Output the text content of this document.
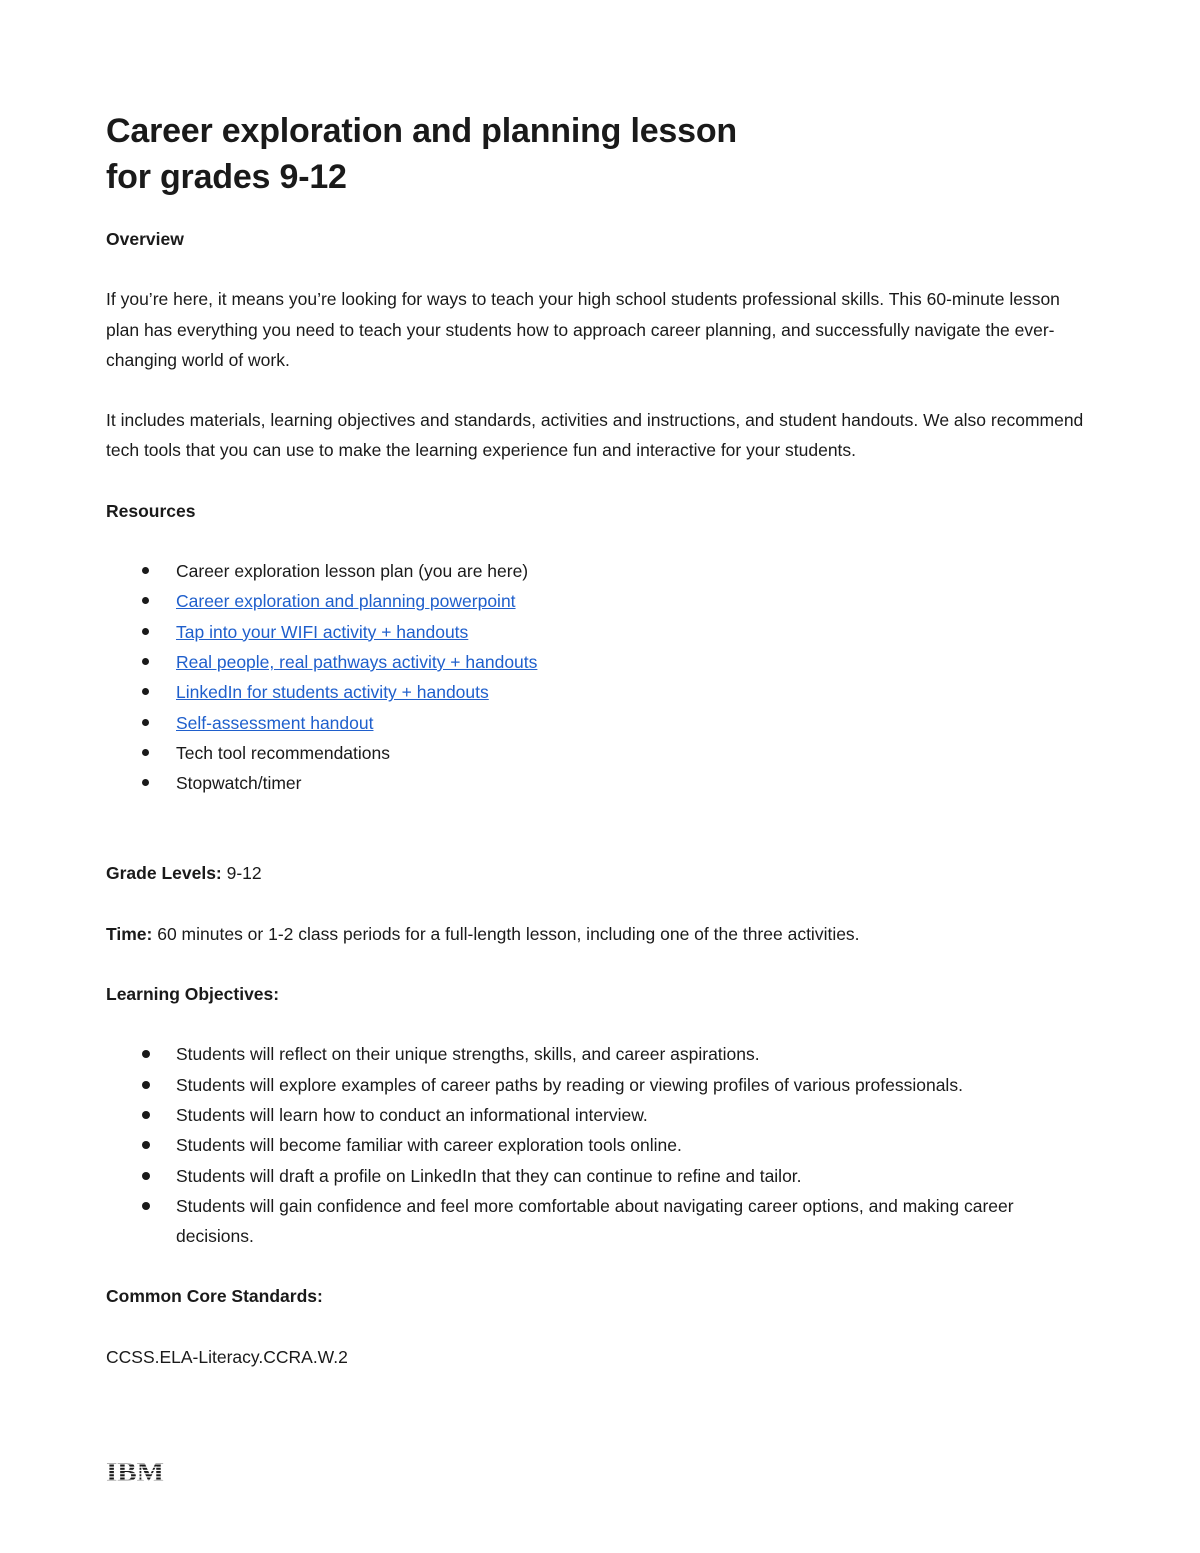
Career exploration and planning lesson
for grades 9-12

Overview

If you’re here, it means you’re looking for ways to teach your high school students professional skills. This 60-minute lesson plan has everything you need to teach your students how to approach career planning, and successfully navigate the ever-changing world of work.

It includes materials, learning objectives and standards, activities and instructions, and student handouts. We also recommend tech tools that you can use to make the learning experience fun and interactive for your students.

Resources

Career exploration lesson plan (you are here)
Career exploration and planning powerpoint
Tap into your WIFI activity + handouts
Real people, real pathways activity + handouts
LinkedIn for students activity + handouts
Self-assessment handout
Tech tool recommendations
Stopwatch/timer

Grade Levels: 9-12

Time: 60 minutes or 1-2 class periods for a full-length lesson, including one of the three activities.

Learning Objectives:

Students will reflect on their unique strengths, skills, and career aspirations.
Students will explore examples of career paths by reading or viewing profiles of various professionals.
Students will learn how to conduct an informational interview.
Students will become familiar with career exploration tools online.
Students will draft a profile on LinkedIn that they can continue to refine and tailor.
Students will gain confidence and feel more comfortable about navigating career options, and making career decisions.

Common Core Standards:

CCSS.ELA-Literacy.CCRA.W.2

IBM
